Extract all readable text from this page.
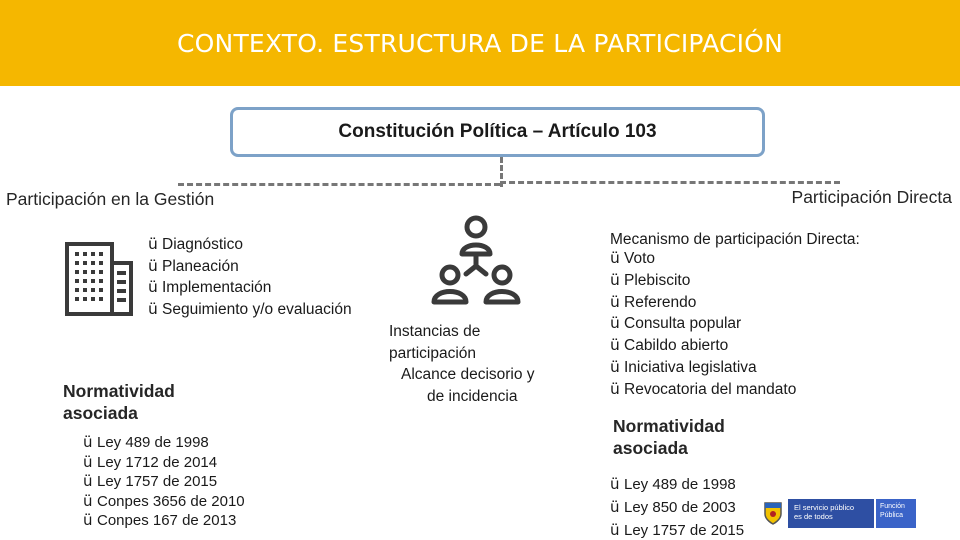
CONTEXTO. ESTRUCTURA DE LA PARTICIPACIÓN
Constitución Política – Artículo 103
Participación en la Gestión	Participación Directa
ü Diagnóstico
ü Planeación
ü Implementación
ü Seguimiento y/o evaluación
Instancias de
participación
Alcance decisorio y
de incidencia
Normatividad
asociada
ü Ley 489 de 1998
ü Ley 1712 de 2014
ü Ley 1757 de 2015
ü Conpes 3656 de 2010
ü Conpes 167 de 2013
Mecanismo de participación Directa:
ü Voto
ü Plebiscito
ü Referendo
ü Consulta popular
ü Cabildo abierto
ü Iniciativa legislativa
ü Revocatoria del mandato
Normatividad
asociada
ü Ley 489 de 1998
ü Ley 850 de 2003
ü Ley 1757 de 2015
El servicio público
es de todos
Función
Pública
